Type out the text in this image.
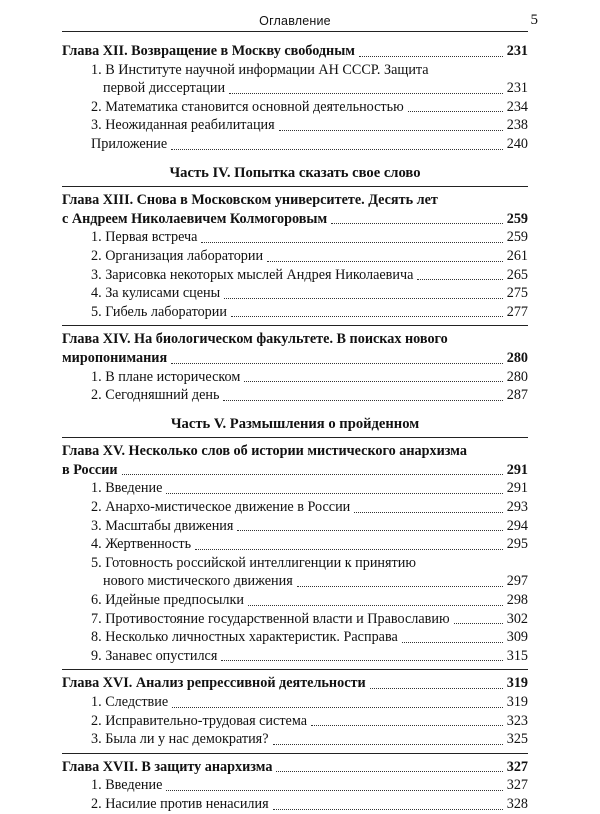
Оглавление	5
Глава XII. Возвращение в Москву свободным	231
1. В Институте научной информации АН СССР. Защита
первой диссертации	231
2. Математика становится основной деятельностью	234
3. Неожиданная реабилитация	238
Приложение	240
Часть IV. Попытка сказать свое слово
Глава XIII. Снова в Московском университете. Десять лет
с Андреем Николаевичем Колмогоровым	259
1. Первая встреча	259
2. Организация лаборатории	261
3. Зарисовка некоторых мыслей Андрея Николаевича	265
4. За кулисами сцены	275
5. Гибель лаборатории	277
Глава XIV. На биологическом факультете. В поисках нового
миропонимания	280
1. В плане историческом	280
2. Сегодняшний день	287
Часть V. Размышления о пройденном
Глава XV. Несколько слов об истории мистического анархизма
в России	291
1. Введение	291
2. Анархо-мистическое движение в России	293
3. Масштабы движения	294
4. Жертвенность	295
5. Готовность российской интеллигенции к принятию
нового мистического движения	297
6. Идейные предпосылки	298
7. Противостояние государственной власти и Православию	302
8. Несколько личностных характеристик. Расправа	309
9. Занавес опустился	315
Глава XVI. Анализ репрессивной деятельности	319
1. Следствие	319
2. Исправительно-трудовая система	323
3. Была ли у нас демократия?	325
Глава XVII. В защиту анархизма	327
1. Введение	327
2. Насилие против ненасилия	328
